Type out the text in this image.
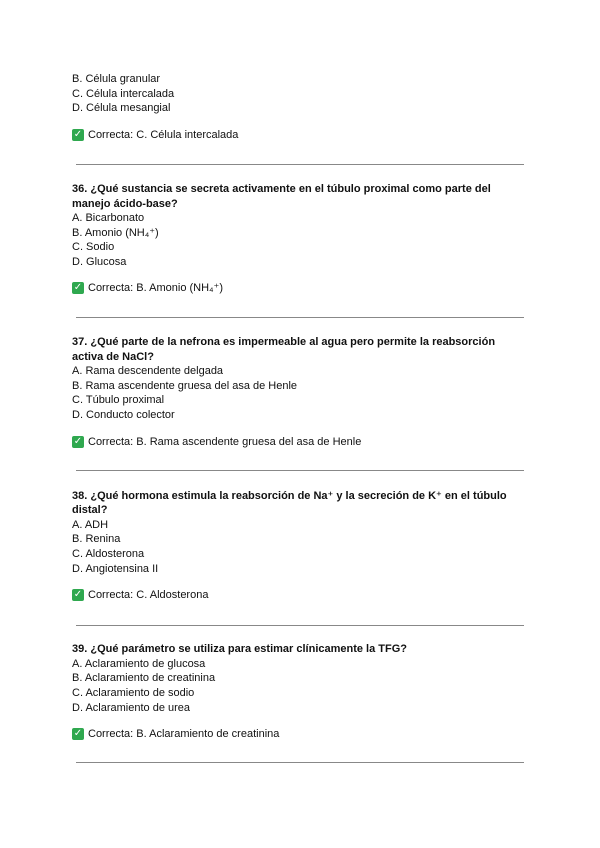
B. Célula granular
C. Célula intercalada
D. Célula mesangial
✓ Correcta: C. Célula intercalada
36. ¿Qué sustancia se secreta activamente en el túbulo proximal como parte del
manejo ácido-base?
A. Bicarbonato
B. Amonio (NH₄⁺)
C. Sodio
D. Glucosa
✓ Correcta: B. Amonio (NH₄⁺)
37. ¿Qué parte de la nefrona es impermeable al agua pero permite la reabsorción
activa de NaCl?
A. Rama descendente delgada
B. Rama ascendente gruesa del asa de Henle
C. Túbulo proximal
D. Conducto colector
✓ Correcta: B. Rama ascendente gruesa del asa de Henle
38. ¿Qué hormona estimula la reabsorción de Na⁺ y la secreción de K⁺ en el túbulo
distal?
A. ADH
B. Renina
C. Aldosterona
D. Angiotensina II
✓ Correcta: C. Aldosterona
39. ¿Qué parámetro se utiliza para estimar clínicamente la TFG?
A. Aclaramiento de glucosa
B. Aclaramiento de creatinina
C. Aclaramiento de sodio
D. Aclaramiento de urea
✓ Correcta: B. Aclaramiento de creatinina
